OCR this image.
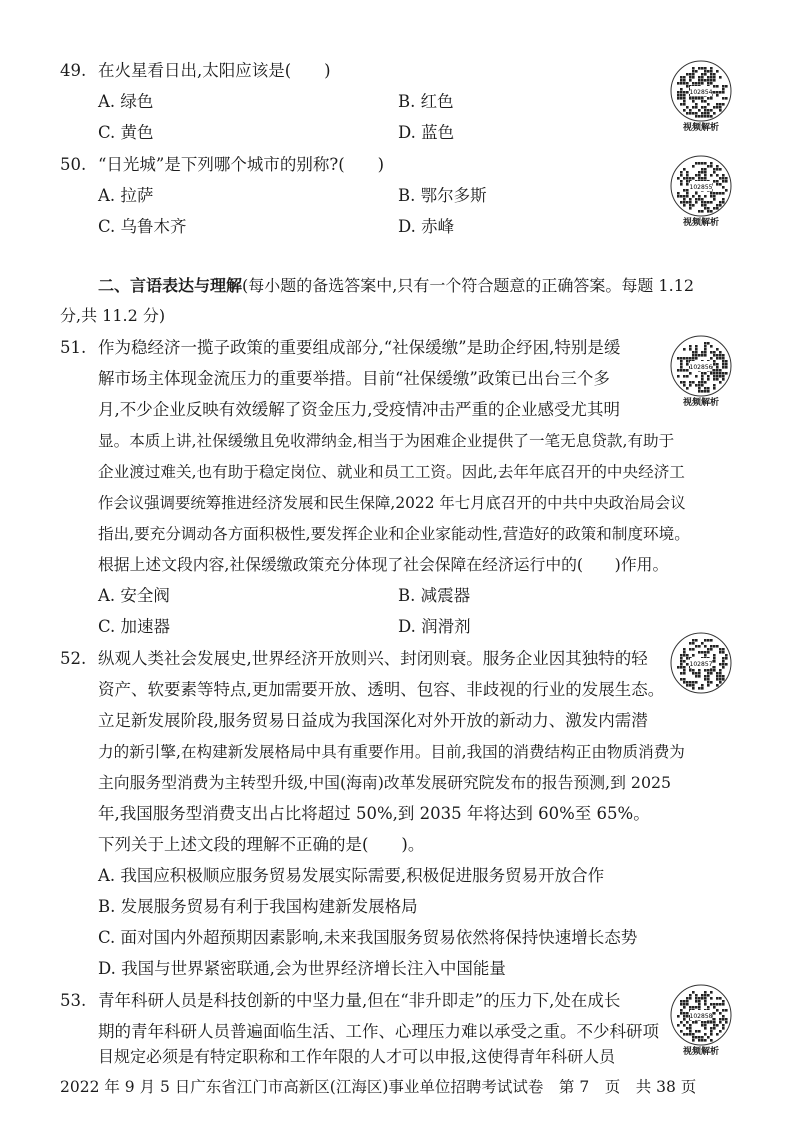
49. 在火星看日出,太阳应该是(　　)
A. 绿色	B. 红色
C. 黄色	D. 蓝色
50. “日光城”是下列哪个城市的别称?(　　)
A. 拉萨	B. 鄂尔多斯
C. 乌鲁木齐	D. 赤峰
二、言语表达与理解(每小题的备选答案中,只有一个符合题意的正确答案。每题 1.12
分,共 11.2 分)
51. 作为稳经济一揽子政策的重要组成部分,“社保缓缴”是助企纾困,特别是缓
解市场主体现金流压力的重要举措。目前“社保缓缴”政策已出台三个多
月,不少企业反映有效缓解了资金压力,受疫情冲击严重的企业感受尤其明
显。本质上讲,社保缓缴且免收滞纳金,相当于为困难企业提供了一笔无息贷款,有助于
企业渡过难关,也有助于稳定岗位、就业和员工工资。因此,去年年底召开的中央经济工
作会议强调要统筹推进经济发展和民生保障,2022 年七月底召开的中共中央政治局会议
指出,要充分调动各方面积极性,要发挥企业和企业家能动性,营造好的政策和制度环境。
根据上述文段内容,社保缓缴政策充分体现了社会保障在经济运行中的(　　)作用。
A. 安全阀	B. 减震器
C. 加速器	D. 润滑剂
52. 纵观人类社会发展史,世界经济开放则兴、封闭则衰。服务企业因其独特的轻
资产、软要素等特点,更加需要开放、透明、包容、非歧视的行业的发展生态。
立足新发展阶段,服务贸易日益成为我国深化对外开放的新动力、激发内需潜
力的新引擎,在构建新发展格局中具有重要作用。目前,我国的消费结构正由物质消费为
主向服务型消费为主转型升级,中国(海南)改革发展研究院发布的报告预测,到 2025
年,我国服务型消费支出占比将超过 50%,到 2035 年将达到 60%至 65%。
下列关于上述文段的理解不正确的是(　　)。
A. 我国应积极顺应服务贸易发展实际需要,积极促进服务贸易开放合作
B. 发展服务贸易有利于我国构建新发展格局
C. 面对国内外超预期因素影响,未来我国服务贸易依然将保持快速增长态势
D. 我国与世界紧密联通,会为世界经济增长注入中国能量
53. 青年科研人员是科技创新的中坚力量,但在“非升即走”的压力下,处在成长
期的青年科研人员普遍面临生活、工作、心理压力难以承受之重。不少科研项
102854
视频解析
102855
视频解析
102856
视频解析
102857
102858
视频解析
2022 年 9 月 5 日广东省江门市高新区(江海区)事业单位招聘考试试卷　第 7　页　共 38 页
目规定必须是有特定职称和工作年限的人才可以申报,这使得青年科研人员
